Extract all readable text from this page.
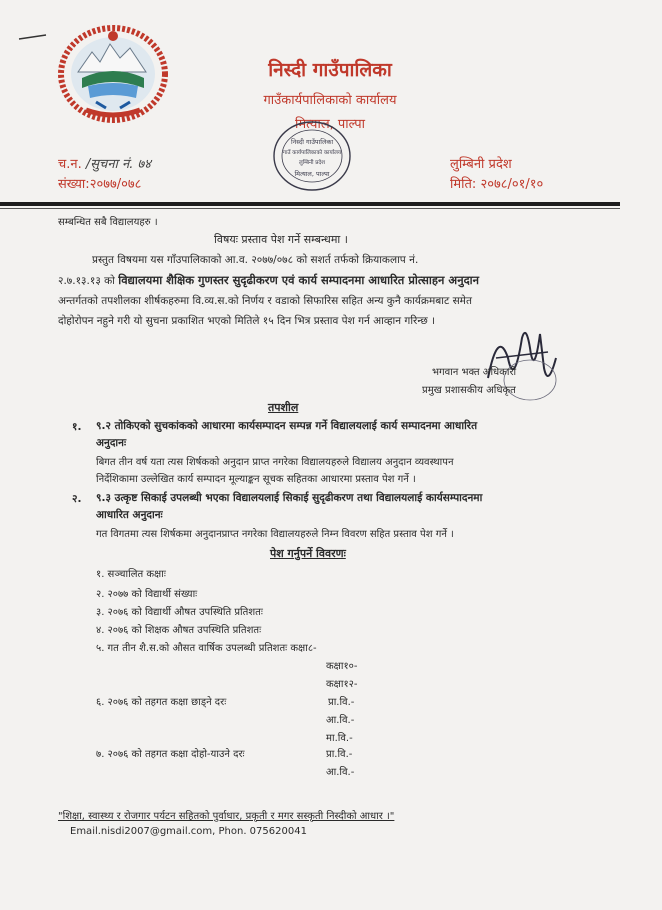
निस्दी गाउँपालिका
गाउँकार्यपालिकाको कार्यालय
मित्याल, पाल्पा
निस्दी गाउँपालिका
गाउँ कार्यपालिकाको कार्यालय
लुम्बिनी प्रदेश
मित्याल, पाल्पा
च.न. /सुचना नं. ७४
संख्या:२०७७/०७८
लुम्बिनी प्रदेश
मिति: २०७८/०१/१०
सम्बन्धित सबै विद्यालयहरु ।
विषयः प्रस्ताव पेश गर्ने सम्बन्धमा ।
प्रस्तुत विषयमा यस गाँउपालिकाको आ.व. २०७७/०७८ को सशर्त तर्फको क्रियाकलाप नं.
२.७.१३.१३ को विद्यालयमा शैक्षिक गुणस्तर सुदृढीकरण एवं कार्य सम्पादनमा आधारित प्रोत्साहन अनुदान
अन्तर्गतको तपशीलका शीर्षकहरुमा वि.व्य.स.को निर्णय र वडाको सिफारिस सहित अन्य कुनै कार्यक्रमबाट समेत
दोहोरोपन नहुने गरी यो सुचना प्रकाशित भएको मितिले १५ दिन भित्र प्रस्ताव पेश गर्न आव्हान गरिन्छ ।
भगवान भक्त अधिकारी
प्रमुख प्रशासकीय अधिकृत
तपशील
१. ९.२ तोकिएको सुचकांकको आधारमा कार्यसम्पादन सम्पन्न गर्ने विद्यालयलाई कार्य सम्पादनमा आधारित
अनुदानः
बिगत तीन वर्ष यता त्यस शिर्षकको अनुदान प्राप्त नगरेका विद्यालयहरुले विद्यालय अनुदान व्यवस्थापन
निर्देशिकामा उल्लेखित कार्य सम्पादन मूल्याङ्कन सूचक सहितका आधारमा प्रस्ताव पेश गर्ने ।
२. ९.३ उत्कृष्ट सिकाई उपलब्धी भएका विद्यालयलाई सिकाई सुदृढीकरण तथा विद्यालयलाई कार्यसम्पादनमा
आधारित अनुदानः
गत विगतमा त्यस शिर्षकमा अनुदानप्राप्त नगरेका विद्यालयहरुले निम्न विवरण सहित प्रस्ताव पेश गर्ने ।
पेश गर्नुपर्ने विवरणः
१. सञ्चालित कक्षाः
२. २०७७ को विद्यार्थी संख्याः
३. २०७६ को विद्यार्थी औषत उपस्थिति प्रतिशतः
४. २०७६ को शिक्षक औषत उपस्थिति प्रतिशतः
५. गत तीन शै.स.को औसत वार्षिक उपलब्धी प्रतिशतः कक्षा८-
कक्षा१०-
कक्षा१२-
६. २०७६ को तहगत कक्षा छाड्ने दरः	प्रा.वि.-
आ.वि.-
मा.वि.-
७. २०७६ को तहगत कक्षा दोहो-याउने दरः	प्रा.वि.-
आ.वि.-
"शिक्षा, स्वास्थ्य र रोजगार पर्यटन सहितको पुर्वाधार, प्रकृती र मगर सस्कृती निस्दीको आधार ।"
Email.nisdi2007@gmail.com, Phon. 075620041
